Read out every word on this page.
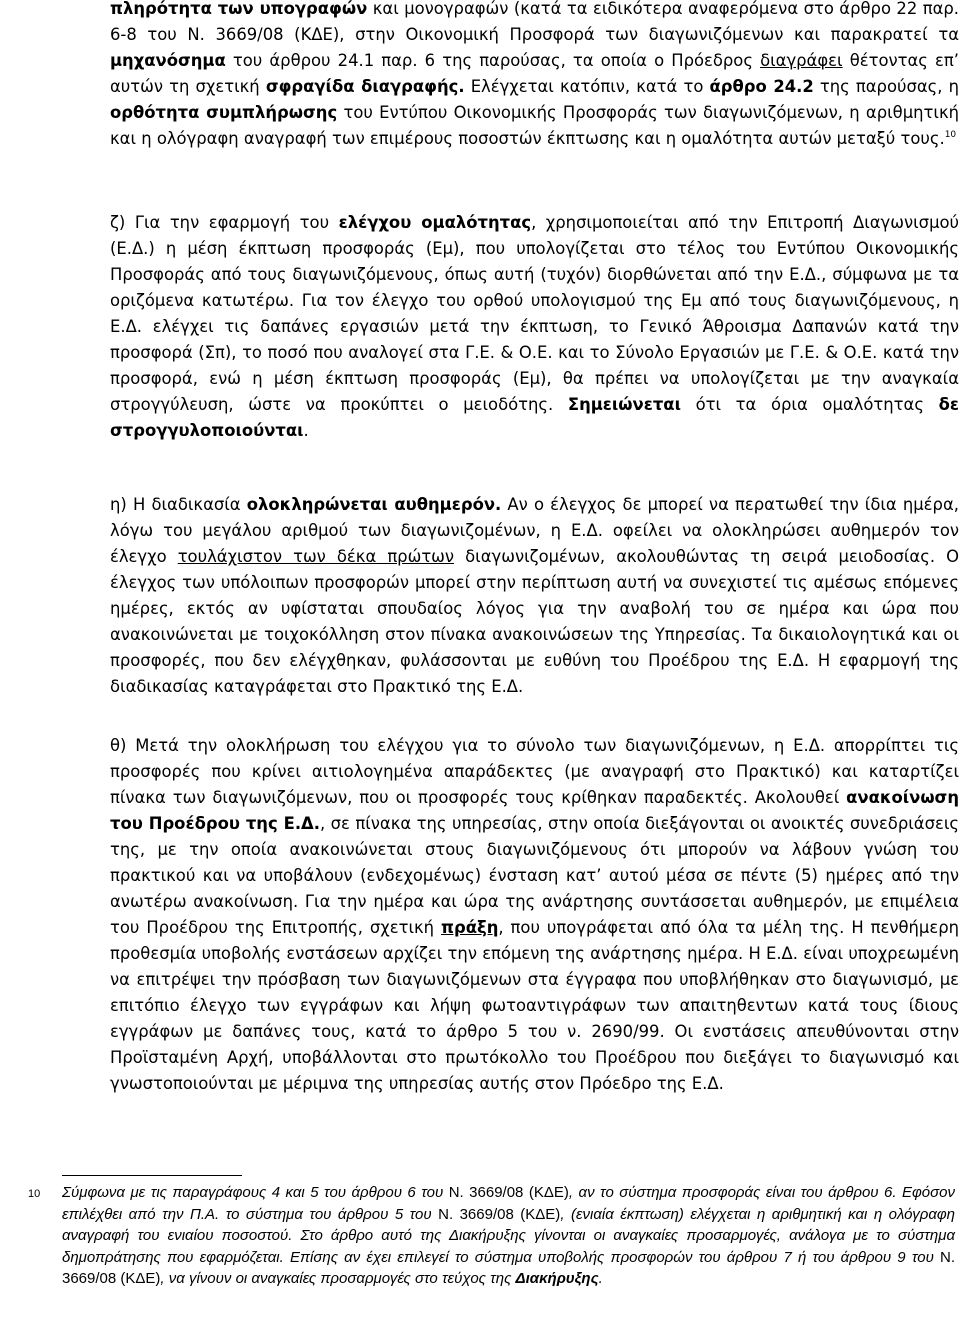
πληρότητα των υπογραφών και μονογραφών (κατά τα ειδικότερα αναφερόμενα στο άρθρο 22 παρ. 6-8 του Ν. 3669/08 (ΚΔΕ), στην Οικονομική Προσφορά των διαγωνιζόμενων και παρακρατεί τα μηχανόσημα του άρθρου 24.1 παρ. 6 της παρούσας, τα οποία ο Πρόεδρος διαγράφει θέτοντας επ’ αυτών τη σχετική σφραγίδα διαγραφής. Ελέγχεται κατόπιν, κατά το άρθρο 24.2 της παρούσας, η ορθότητα συμπλήρωσης του Εντύπου Οικονομικής Προσφοράς των διαγωνιζόμενων, η αριθμητική και η ολόγραφη αναγραφή των επιμέρους ποσοστών έκπτωσης και η ομαλότητα αυτών μεταξύ τους.$^{10}$

ζ) Για την εφαρμογή του ελέγχου ομαλότητας, χρησιμοποιείται από την Επιτροπή Διαγωνισμού (Ε.Δ.) η μέση έκπτωση προσφοράς (Εμ), που υπολογίζεται στο τέλος του Εντύπου Οικονομικής Προσφοράς από τους διαγωνιζόμενους, όπως αυτή (τυχόν) διορθώνεται από την Ε.Δ., σύμφωνα με τα οριζόμενα κατωτέρω. Για τον έλεγχο του ορθού υπολογισμού της Εμ από τους διαγωνιζόμενους, η Ε.Δ. ελέγχει τις δαπάνες εργασιών μετά την έκπτωση, το Γενικό Άθροισμα Δαπανών κατά την προσφορά (Σπ), το ποσό που αναλογεί στα Γ.Ε. & Ο.Ε. και το Σύνολο Εργασιών με Γ.Ε. & Ο.Ε. κατά την προσφορά, ενώ η μέση έκπτωση προσφοράς (Εμ), θα πρέπει να υπολογίζεται με την αναγκαία στρογγύλευση, ώστε να προκύπτει ο μειοδότης. Σημειώνεται ότι τα όρια ομαλότητας δε στρογγυλοποιούνται.

η) Η διαδικασία ολοκληρώνεται αυθημερόν. Αν ο έλεγχος δε μπορεί να περατωθεί την ίδια ημέρα, λόγω του μεγάλου αριθμού των διαγωνιζομένων, η Ε.Δ. οφείλει να ολοκληρώσει αυθημερόν τον έλεγχο τουλάχιστον των δέκα πρώτων διαγωνιζομένων, ακολουθώντας τη σειρά μειοδοσίας. Ο έλεγχος των υπόλοιπων προσφορών μπορεί στην περίπτωση αυτή να συνεχιστεί τις αμέσως επόμενες ημέρες, εκτός αν υφίσταται σπουδαίος λόγος για την αναβολή του σε ημέρα και ώρα που ανακοινώνεται με τοιχοκόλληση στον πίνακα ανακοινώσεων της Υπηρεσίας. Τα δικαιολογητικά και οι προσφορές, που δεν ελέγχθηκαν, φυλάσσονται με ευθύνη του Προέδρου της Ε.Δ. Η εφαρμογή της διαδικασίας καταγράφεται στο Πρακτικό της Ε.Δ.

θ) Μετά την ολοκλήρωση του ελέγχου για το σύνολο των διαγωνιζόμενων, η Ε.Δ. απορρίπτει τις προσφορές που κρίνει αιτιολογημένα απαράδεκτες (με αναγραφή στο Πρακτικό) και καταρτίζει πίνακα των διαγωνιζόμενων, που οι προσφορές τους κρίθηκαν παραδεκτές. Ακολουθεί ανακοίνωση του Προέδρου της Ε.Δ., σε πίνακα της υπηρεσίας, στην οποία διεξάγονται οι ανοικτές συνεδριάσεις της, με την οποία ανακοινώνεται στους διαγωνιζόμενους ότι μπορούν να λάβουν γνώση του πρακτικού και να υποβάλουν (ενδεχομένως) ένσταση κατ’ αυτού μέσα σε πέντε (5) ημέρες από την ανωτέρω ανακοίνωση. Για την ημέρα και ώρα της ανάρτησης συντάσσεται αυθημερόν, με επιμέλεια του Προέδρου της Επιτροπής, σχετική πράξη, που υπογράφεται από όλα τα μέλη της. Η πενθήμερη προθεσμία υποβολής ενστάσεων αρχίζει την επόμενη της ανάρτησης ημέρα. Η Ε.Δ. είναι υποχρεωμένη να επιτρέψει την πρόσβαση των διαγωνιζόμενων στα έγγραφα που υποβλήθηκαν στο διαγωνισμό, με επιτόπιο έλεγχο των εγγράφων και λήψη φωτοαντιγράφων των απαιτηθεντων κατά τους ίδιους εγγράφων με δαπάνες τους, κατά το άρθρο 5 του ν. 2690/99. Οι ενστάσεις απευθύνονται στην Προϊσταμένη Αρχή, υποβάλλονται στο πρωτόκολλο του Προέδρου που διεξάγει το διαγωνισμό και γνωστοποιούνται με μέριμνα της υπηρεσίας αυτής στον Πρόεδρο της Ε.Δ.

10 Σύμφωνα με τις παραγράφους 4 και 5 του άρθρου 6 του Ν. 3669/08 (ΚΔΕ), αν το σύστημα προσφοράς είναι του άρθρου 6. Εφόσον επιλέχθει από την Π.Α. το σύστημα του άρθρου 5 του Ν. 3669/08 (ΚΔΕ), (ενιαία έκπτωση) ελέγχεται η αριθμητική και η ολόγραφη αναγραφή του ενιαίου ποσοστού. Στο άρθρο αυτό της Διακήρυξης γίνονται οι αναγκαίες προσαρμογές, ανάλογα με το σύστημα δημοπράτησης που εφαρμόζεται. Επίσης αν έχει επιλεγεί το σύστημα υποβολής προσφορών του άρθρου 7 ή του άρθρου 9 του Ν. 3669/08 (ΚΔΕ), να γίνουν οι αναγκαίες προσαρμογές στο τεύχος της Διακήρυξης.
